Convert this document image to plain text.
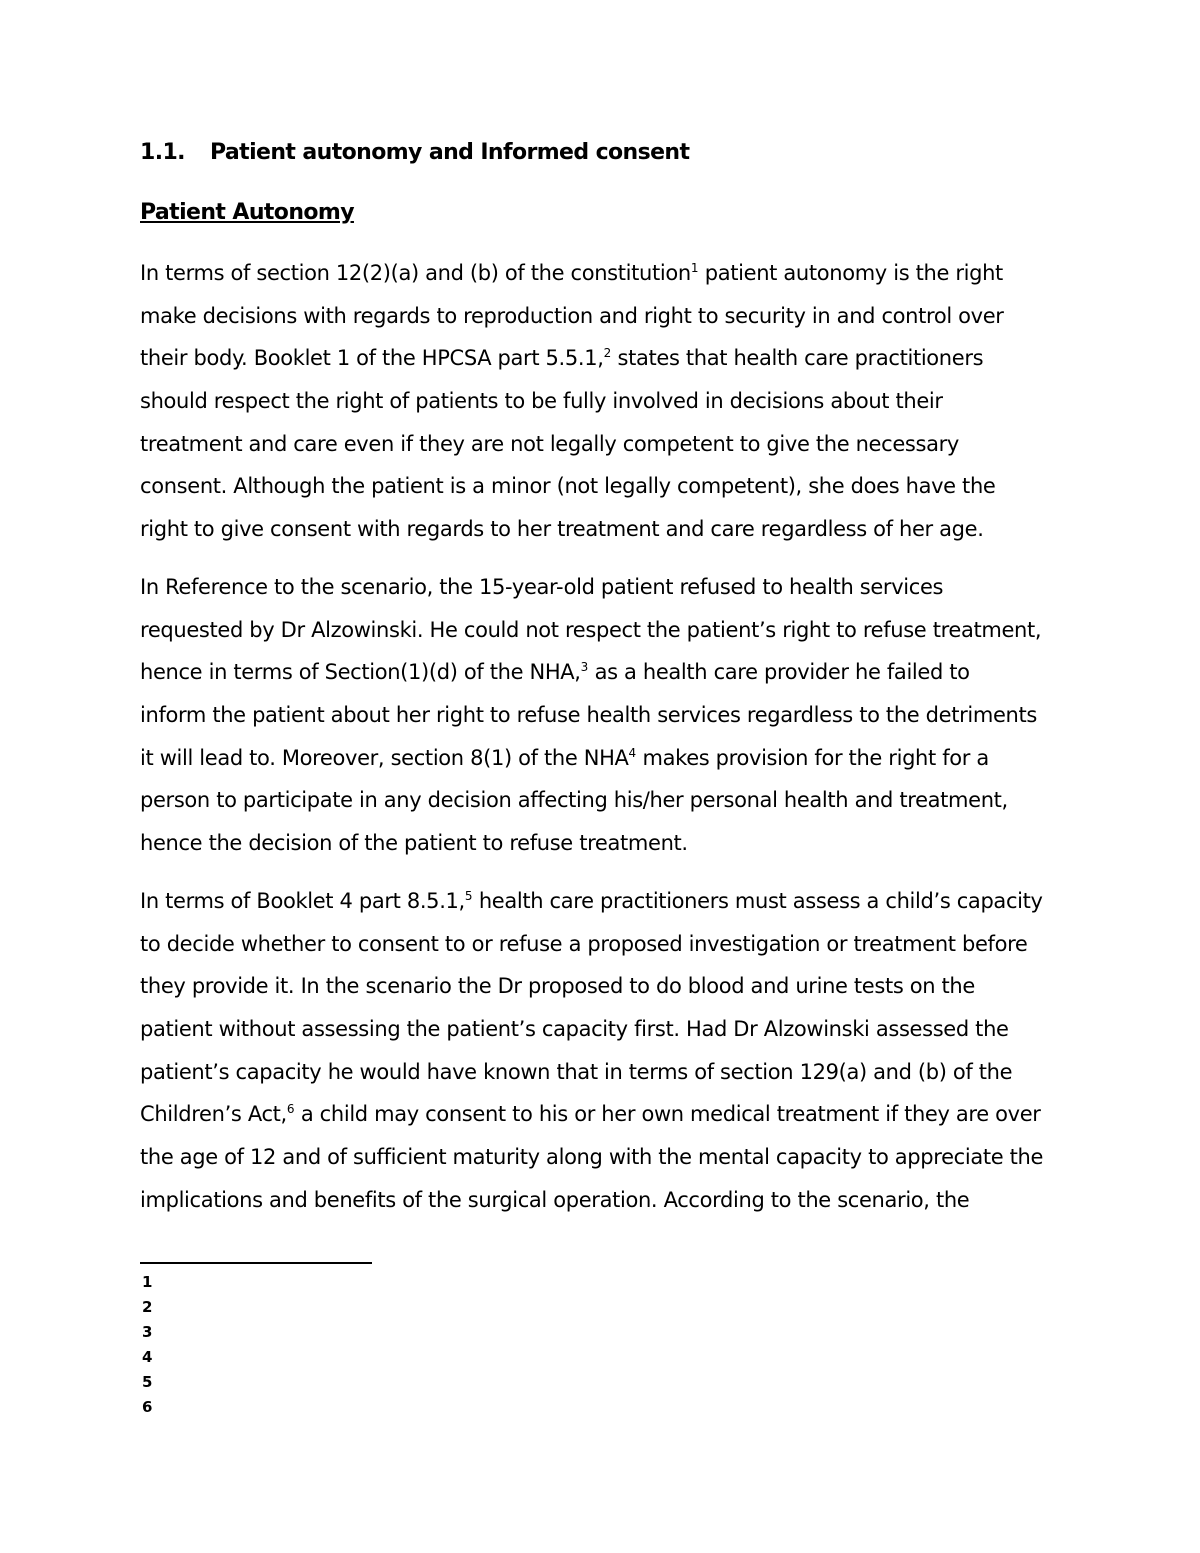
1.1. Patient autonomy and Informed consent
Patient Autonomy
In terms of section 12(2)(a) and (b) of the constitution$^1$ patient autonomy is the right
make decisions with regards to reproduction and right to security in and control over
their body. Booklet 1 of the HPCSA part 5.5.1,$^2$ states that health care practitioners
should respect the right of patients to be fully involved in decisions about their
treatment and care even if they are not legally competent to give the necessary
consent. Although the patient is a minor (not legally competent), she does have the
right to give consent with regards to her treatment and care regardless of her age.
In Reference to the scenario, the 15-year-old patient refused to health services
requested by Dr Alzowinski. He could not respect the patient’s right to refuse treatment,
hence in terms of Section(1)(d) of the NHA,$^3$ as a health care provider he failed to
inform the patient about her right to refuse health services regardless to the detriments
it will lead to. Moreover, section 8(1) of the NHA$^4$ makes provision for the right for a
person to participate in any decision affecting his/her personal health and treatment,
hence the decision of the patient to refuse treatment.
In terms of Booklet 4 part 8.5.1,$^5$ health care practitioners must assess a child’s capacity
to decide whether to consent to or refuse a proposed investigation or treatment before
they provide it. In the scenario the Dr proposed to do blood and urine tests on the
patient without assessing the patient’s capacity first. Had Dr Alzowinski assessed the
patient’s capacity he would have known that in terms of section 129(a) and (b) of the
Children’s Act,$^6$ a child may consent to his or her own medical treatment if they are over
the age of 12 and of sufficient maturity along with the mental capacity to appreciate the
implications and benefits of the surgical operation. According to the scenario, the
1
2
3
4
5
6
